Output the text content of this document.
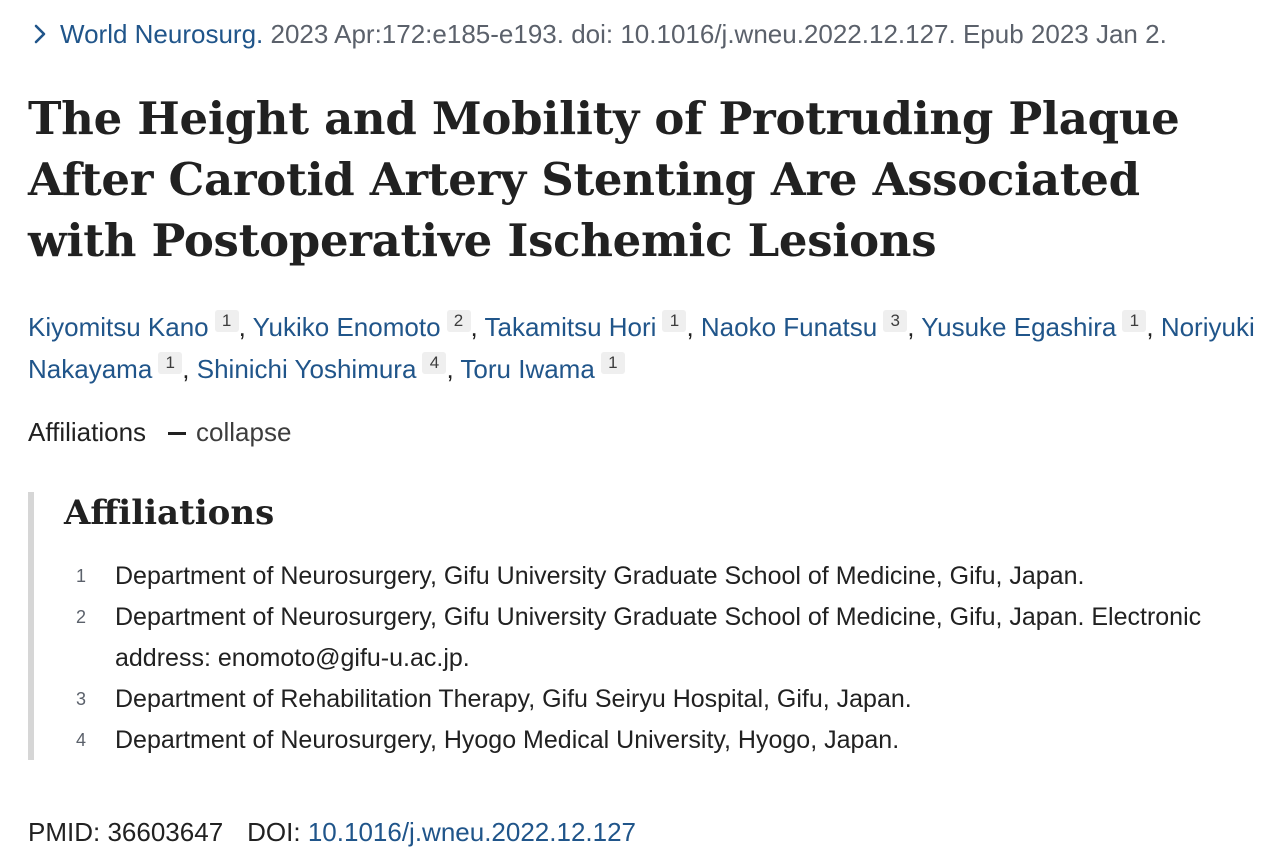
World Neurosurg. 2023 Apr:172:e185-e193. doi: 10.1016/j.wneu.2022.12.127. Epub 2023 Jan 2.
The Height and Mobility of Protruding Plaque After Carotid Artery Stenting Are Associated with Postoperative Ischemic Lesions
Kiyomitsu Kano 1 , Yukiko Enomoto 2 , Takamitsu Hori 1 , Naoko Funatsu 3 , Yusuke Egashira 1 , Noriyuki Nakayama 1 , Shinichi Yoshimura 4 , Toru Iwama 1
Affiliations collapse
Affiliations
1	Department of Neurosurgery, Gifu University Graduate School of Medicine, Gifu, Japan.
2	Department of Neurosurgery, Gifu University Graduate School of Medicine, Gifu, Japan. Electronic address: enomoto@gifu-u.ac.jp.
3	Department of Rehabilitation Therapy, Gifu Seiryu Hospital, Gifu, Japan.
4	Department of Neurosurgery, Hyogo Medical University, Hyogo, Japan.
PMID: 36603647 DOI: 10.1016/j.wneu.2022.12.127
